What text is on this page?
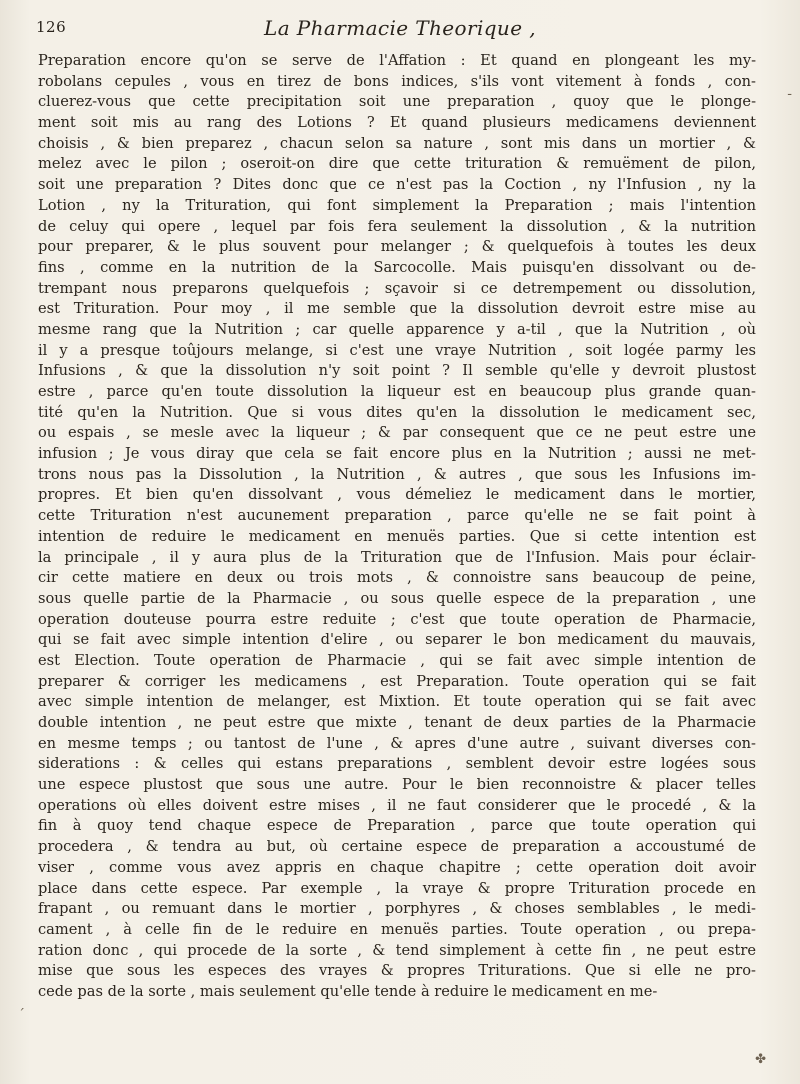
126	La Pharmacie Theorique ,
Preparation encore qu'on se serve de l'Affation : Et quand en plongeant les my-
robolans cepules , vous en tirez de bons indices, s'ils vont vitement à fonds , con-
cluerez-vous que cette precipitation soit une preparation , quoy que le plonge-
ment soit mis au rang des Lotions ? Et quand plusieurs medicamens deviennent
choisis , & bien preparez , chacun selon sa nature , sont mis dans un mortier , &
melez avec le pilon ; oseroit-on dire que cette trituration & remuëment de pilon,
soit une preparation ? Dites donc que ce n'est pas la Coction , ny l'Infusion , ny la
Lotion , ny la Trituration, qui font simplement la Preparation ; mais l'intention
de celuy qui opere , lequel par fois fera seulement la dissolution , & la nutrition
pour preparer, & le plus souvent pour melanger ; & quelquefois à toutes les deux
fins , comme en la nutrition de la Sarcocolle. Mais puisqu'en dissolvant ou de-
trempant nous preparons quelquefois ; sçavoir si ce detrempement ou dissolution,
est Trituration. Pour moy , il me semble que la dissolution devroit estre mise au
mesme rang que la Nutrition ; car quelle apparence y a-til , que la Nutrition , où
il y a presque toûjours melange, si c'est une vraye Nutrition , soit logée parmy les
Infusions , & que la dissolution n'y soit point ? Il semble qu'elle y devroit plustost
estre , parce qu'en toute dissolution la liqueur est en beaucoup plus grande quan-
tité qu'en la Nutrition. Que si vous dites qu'en la dissolution le medicament sec,
ou espais , se mesle avec la liqueur ; & par consequent que ce ne peut estre une
infusion ; Je vous diray que cela se fait encore plus en la Nutrition ; aussi ne met-
trons nous pas la Dissolution , la Nutrition , & autres , que sous les Infusions im-
propres. Et bien qu'en dissolvant , vous démeliez le medicament dans le mortier,
cette Trituration n'est aucunement preparation , parce qu'elle ne se fait point à
intention de reduire le medicament en menuës parties. Que si cette intention est
la principale , il y aura plus de la Trituration que de l'Infusion. Mais pour éclair-
cir cette matiere en deux ou trois mots , & connoistre sans beaucoup de peine,
sous quelle partie de la Pharmacie , ou sous quelle espece de la preparation , une
operation douteuse pourra estre reduite ; c'est que toute operation de Pharmacie,
qui se fait avec simple intention d'elire , ou separer le bon medicament du mauvais,
est Election. Toute operation de Pharmacie , qui se fait avec simple intention de
preparer & corriger les medicamens , est Preparation. Toute operation qui se fait
avec simple intention de melanger, est Mixtion. Et toute operation qui se fait avec
double intention , ne peut estre que mixte , tenant de deux parties de la Pharmacie
en mesme temps ; ou tantost de l'une , & apres d'une autre , suivant diverses con-
siderations : & celles qui estans preparations , semblent devoir estre logées sous
une espece plustost que sous une autre. Pour le bien reconnoistre & placer telles
operations où elles doivent estre mises , il ne faut considerer que le procedé , & la
fin à quoy tend chaque espece de Preparation , parce que toute operation qui
procedera , & tendra au but, où certaine espece de preparation a accoustumé de
viser , comme vous avez appris en chaque chapitre ; cette operation doit avoir
place dans cette espece. Par exemple , la vraye & propre Trituration procede en
frapant , ou remuant dans le mortier , porphyres , & choses semblables , le medi-
cament , à celle fin de le reduire en menuës parties. Toute operation , ou prepa-
ration donc , qui procede de la sorte , & tend simplement à cette fin , ne peut estre
mise que sous les especes des vrayes & propres Triturations. Que si elle ne pro-
cede pas de la sorte , mais seulement qu'elle tende à reduire le medicament en me-
-
´
✤
